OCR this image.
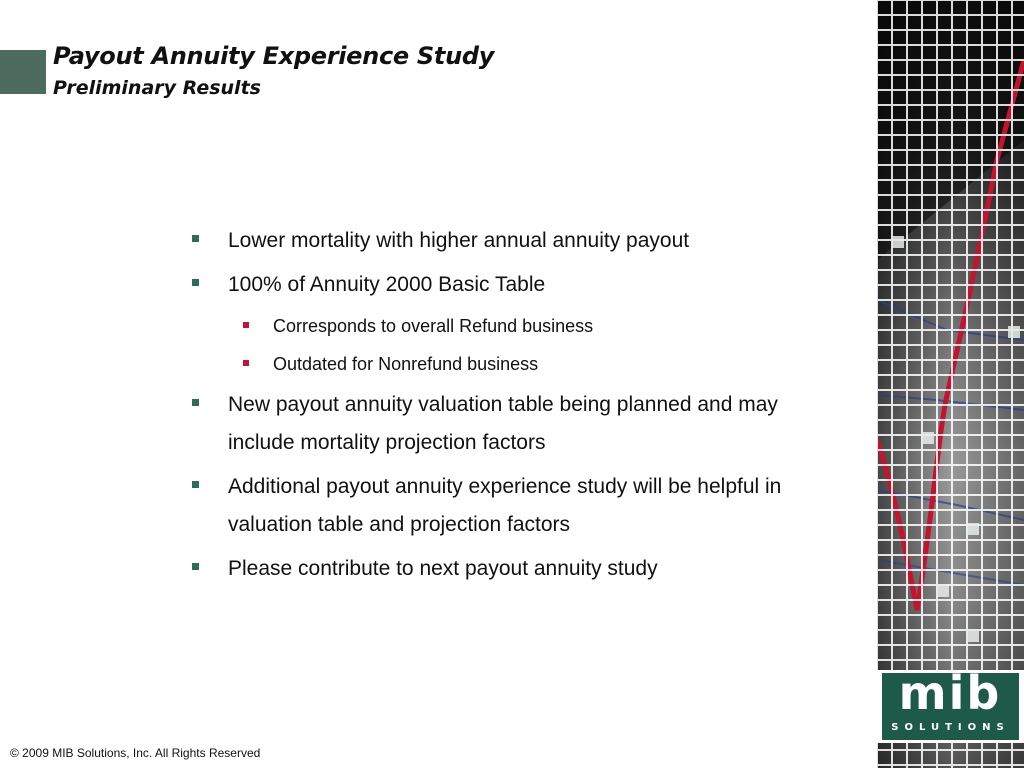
Payout Annuity Experience Study
Preliminary Results
Lower mortality with higher annual annuity payout
100% of Annuity 2000 Basic Table
Corresponds to overall Refund business
Outdated for Nonrefund business
New payout annuity valuation table being planned and may include mortality projection factors
Additional payout annuity experience study will be helpful in valuation table and projection factors
Please contribute to next payout annuity study
© 2009 MIB Solutions, Inc. All Rights Reserved
mib
SOLUTIONS
